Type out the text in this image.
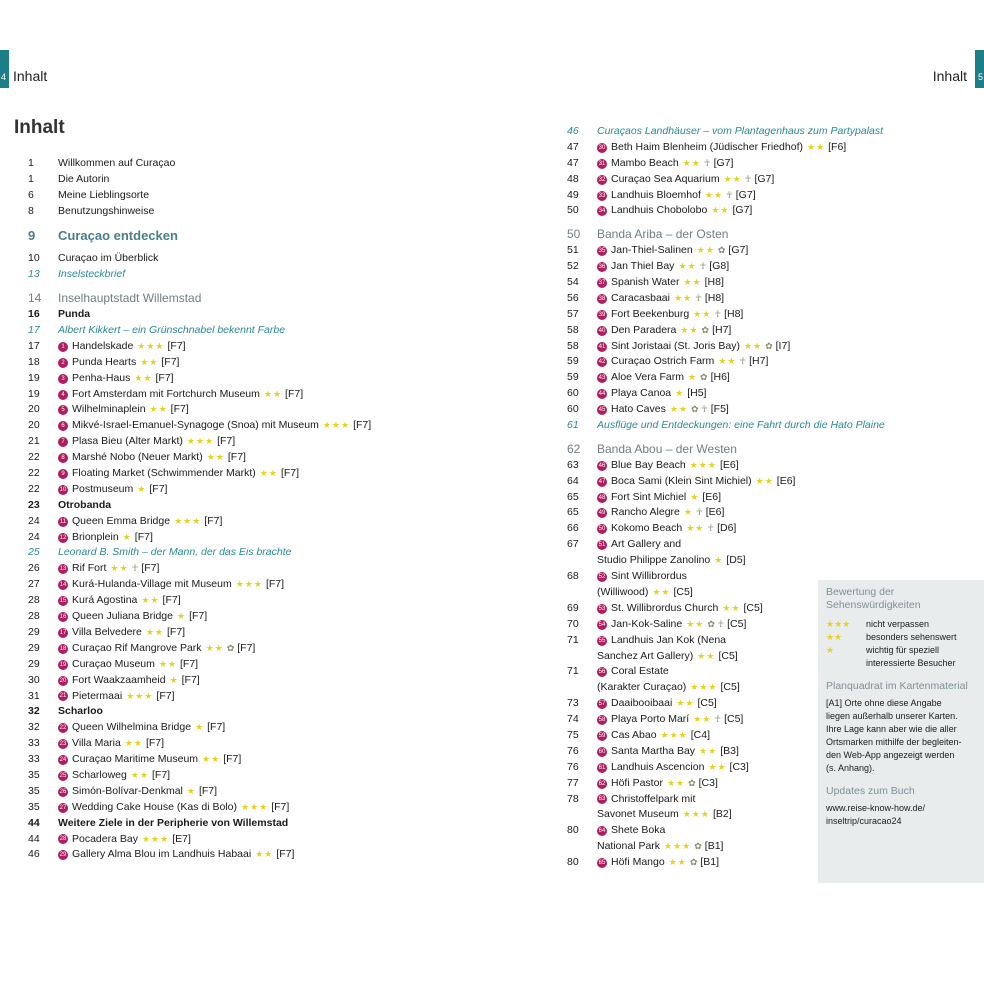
4 Inhalt	5
Inhalt
Inhalt
1	Willkommen auf Curaçao
1	Die Autorin
6	Meine Lieblingsorte
8	Benutzungshinweise
9	Curaçao entdecken
10	Curaçao im Überblick
13	Inselsteckbrief
14	Inselhauptstadt Willemstad
16	Punda
17	Albert Kikkert – ein Grünschnabel bekennt Farbe
17	1 Handelskade ★★★ [F7]
18	2 Punda Hearts ★★ [F7]
19	3 Penha-Haus ★★ [F7]
19	4 Fort Amsterdam mit Fortchurch Museum ★★ [F7]
20	5 Wilhelminaplein ★★ [F7]
20	6 Mikvé-Israel-Emanuel-Synagoge (Snoa) mit Museum ★★★ [F7]
21	7 Plasa Bieu (Alter Markt) ★★★ [F7]
22	8 Marshé Nobo (Neuer Markt) ★★ [F7]
22	9 Floating Market (Schwimmender Markt) ★★ [F7]
22	10 Postmuseum ★ [F7]
23	Otrobanda
24	11 Queen Emma Bridge ★★★ [F7]
24	12 Brionplein ★ [F7]
25	Leonard B. Smith – der Mann, der das Eis brachte
26	13 Rif Fort ★★ ☥ [F7]
27	14 Kurá-Hulanda-Village mit Museum ★★★ [F7]
28	15 Kurá Agostina ★★ [F7]
28	16 Queen Juliana Bridge ★ [F7]
29	17 Villa Belvedere ★★ [F7]
29	18 Curaçao Rif Mangrove Park ★★ ✿ [F7]
29	19 Curaçao Museum ★★ [F7]
30	20 Fort Waakzaamheid ★ [F7]
31	21 Pietermaai ★★★ [F7]
32	Scharloo
32	22 Queen Wilhelmina Bridge ★ [F7]
33	23 Villa Maria ★★ [F7]
33	24 Curaçao Maritime Museum ★★ [F7]
35	25 Scharloweg ★★ [F7]
35	26 Simón-Bolívar-Denkmal ★ [F7]
35	27 Wedding Cake House (Kas di Bolo) ★★★ [F7]
44	Weitere Ziele in der Peripherie von Willemstad
44	28 Pocadera Bay ★★★ [E7]
46	29 Gallery Alma Blou im Landhuis Habaai ★★ [F7]
46	Curaçaos Landhäuser – vom Plantagenhaus zum Partypalast
47	30 Beth Haim Blenheim (Jüdischer Friedhof) ★★ [F6]
47	31 Mambo Beach ★★ ☥ [G7]
48	32 Curaçao Sea Aquarium ★★ ☥ [G7]
49	33 Landhuis Bloemhof ★★ ☥ [G7]
50	34 Landhuis Chobolobo ★★ [G7]
50	Banda Ariba – der Osten
51	35 Jan-Thiel-Salinen ★★ ✿ [G7]
52	36 Jan Thiel Bay ★★ ☥ [G8]
54	37 Spanish Water ★★ [H8]
56	38 Caracasbaai ★★ ☥ [H8]
57	39 Fort Beekenburg ★★ ☥ [H8]
58	40 Den Paradera ★★ ✿ [H7]
58	41 Sint Joristaai (St. Joris Bay) ★★ ✿ [I7]
59	42 Curaçao Ostrich Farm ★★ ☥ [H7]
59	43 Aloe Vera Farm ★ ✿ [H6]
60	44 Playa Canoa ★ [H5]
60	45 Hato Caves ★★ ✿ ☥ [F5]
61	Ausflüge und Entdeckungen: eine Fahrt durch die Hato Plaine
62	Banda Abou – der Westen
63	46 Blue Bay Beach ★★★ [E6]
64	47 Boca Sami (Klein Sint Michiel) ★★ [E6]
65	48 Fort Sint Michiel ★ [E6]
65	49 Rancho Alegre ★ ☥ [E6]
66	50 Kokomo Beach ★★ ☥ [D6]
67	51 Art Gallery and
Studio Philippe Zanolino ★ [D5]
68	52 Sint Willibrordus
(Williwood) ★★ [C5]
69	53 St. Willibrordus Church ★★ [C5]
70	54 Jan-Kok-Saline ★★ ✿ ☥ [C5]
71	55 Landhuis Jan Kok (Nena
Sanchez Art Gallery) ★★ [C5]
71	56 Coral Estate
(Karakter Curaçao) ★★★ [C5]
73	57 Daaibooibaai ★★ [C5]
74	58 Playa Porto Marí ★★ ☥ [C5]
75	59 Cas Abao ★★★ [C4]
76	60 Santa Martha Bay ★★ [B3]
76	61 Landhuis Ascencion ★★ [C3]
77	62 Höfi Pastor ★★ ✿ [C3]
78	63 Christoffelpark mit
Savonet Museum ★★★ [B2]
80	64 Shete Boka
National Park ★★★ ✿ [B1]
80	65 Höfi Mango ★★ ✿ [B1]
Bewertung der
Sehenswürdigkeiten
★★★	nicht verpassen
★★	besonders sehenswert
★	wichtig für speziell
interessierte Besucher
Planquadrat im Kartenmaterial
[A1] Orte ohne diese Angabe
liegen außerhalb unserer Karten.
Ihre Lage kann aber wie die aller
Ortsmarken mithilfe der begleiten-
den Web-App angezeigt werden
(s. Anhang).
Updates zum Buch
www.reise-know-how.de/
inseltrip/curacao24
